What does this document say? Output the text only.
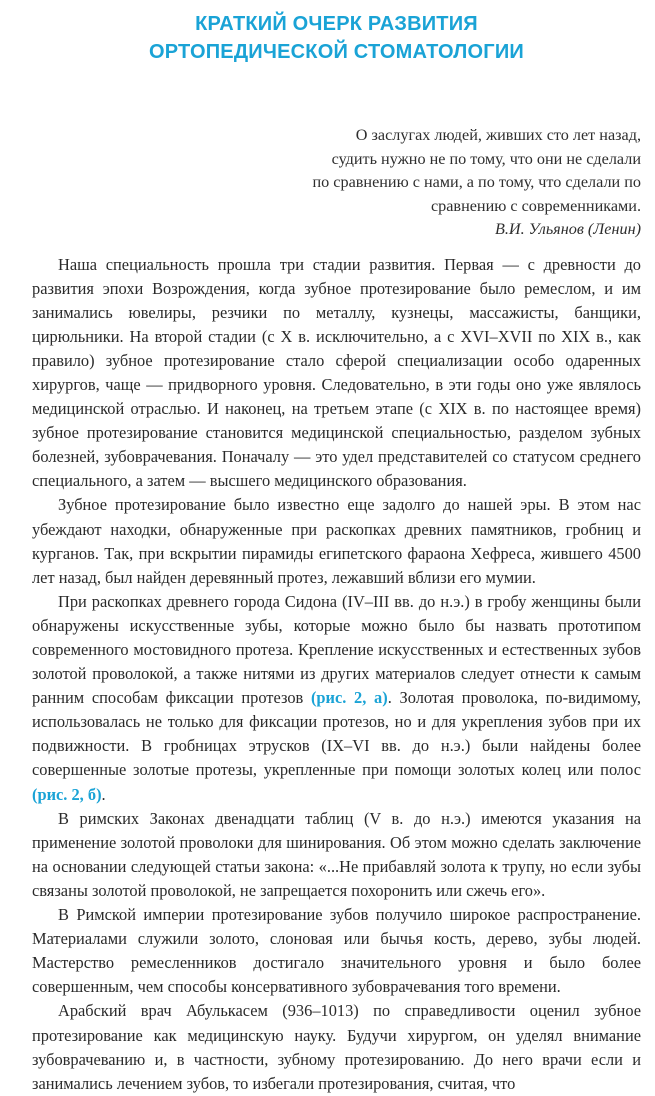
КРАТКИЙ ОЧЕРК РАЗВИТИЯ
ОРТОПЕДИЧЕСКОЙ СТОМАТОЛОГИИ
О заслугах людей, живших сто лет назад,
судить нужно не по тому, что они не сделали
по сравнению с нами, а по тому, что сделали по
сравнению с современниками.
В.И. Ульянов (Ленин)

Наша специальность прошла три стадии развития. Первая — с древности до развития эпохи Возрождения, когда зубное протезирование было ремеслом, и им занимались ювелиры, резчики по металлу, кузнецы, массажисты, банщики, цирюльники. На второй стадии (с X в. исключительно, а с XVI–XVII по XIX в., как правило) зубное протезирование стало сферой специализации особо одаренных хирургов, чаще — придворного уровня. Следовательно, в эти годы оно уже являлось медицинской отраслью. И наконец, на третьем этапе (с XIX в. по настоящее время) зубное протезирование становится медицинской специальностью, разделом зубных болезней, зубоврачевания. Поначалу — это удел представителей со статусом среднего специального, а затем — высшего медицинского образования.

Зубное протезирование было известно еще задолго до нашей эры. В этом нас убеждают находки, обнаруженные при раскопках древних памятников, гробниц и курганов. Так, при вскрытии пирамиды египетского фараона Хефреса, жившего 4500 лет назад, был найден деревянный протез, лежавший вблизи его мумии.

При раскопках древнего города Сидона (IV–III вв. до н.э.) в гробу женщины были обнаружены искусственные зубы, которые можно было бы назвать прототипом современного мостовидного протеза. Крепление искусственных и естественных зубов золотой проволокой, а также нитями из других материалов следует отнести к самым ранним способам фиксации протезов (рис. 2, а). Золотая проволока, по-видимому, использовалась не только для фиксации протезов, но и для укрепления зубов при их подвижности. В гробницах этрусков (IX–VI вв. до н.э.) были найдены более совершенные золотые протезы, укрепленные при помощи золотых колец или полос (рис. 2, б).

В римских Законах двенадцати таблиц (V в. до н.э.) имеются указания на применение золотой проволоки для шинирования. Об этом можно сделать заключение на основании следующей статьи закона: «...Не прибавляй золота к трупу, но если зубы связаны золотой проволокой, не запрещается похоронить или сжечь его».

В Римской империи протезирование зубов получило широкое распространение. Материалами служили золото, слоновая или бычья кость, дерево, зубы людей. Мастерство ремесленников достигало значительного уровня и было более совершенным, чем способы консервативного зубоврачевания того времени.

Арабский врач Абулькасем (936–1013) по справедливости оценил зубное протезирование как медицинскую науку. Будучи хирургом, он уделял внимание зубоврачеванию и, в частности, зубному протезированию. До него врачи если и занимались лечением зубов, то избегали протезирования, считая, что
